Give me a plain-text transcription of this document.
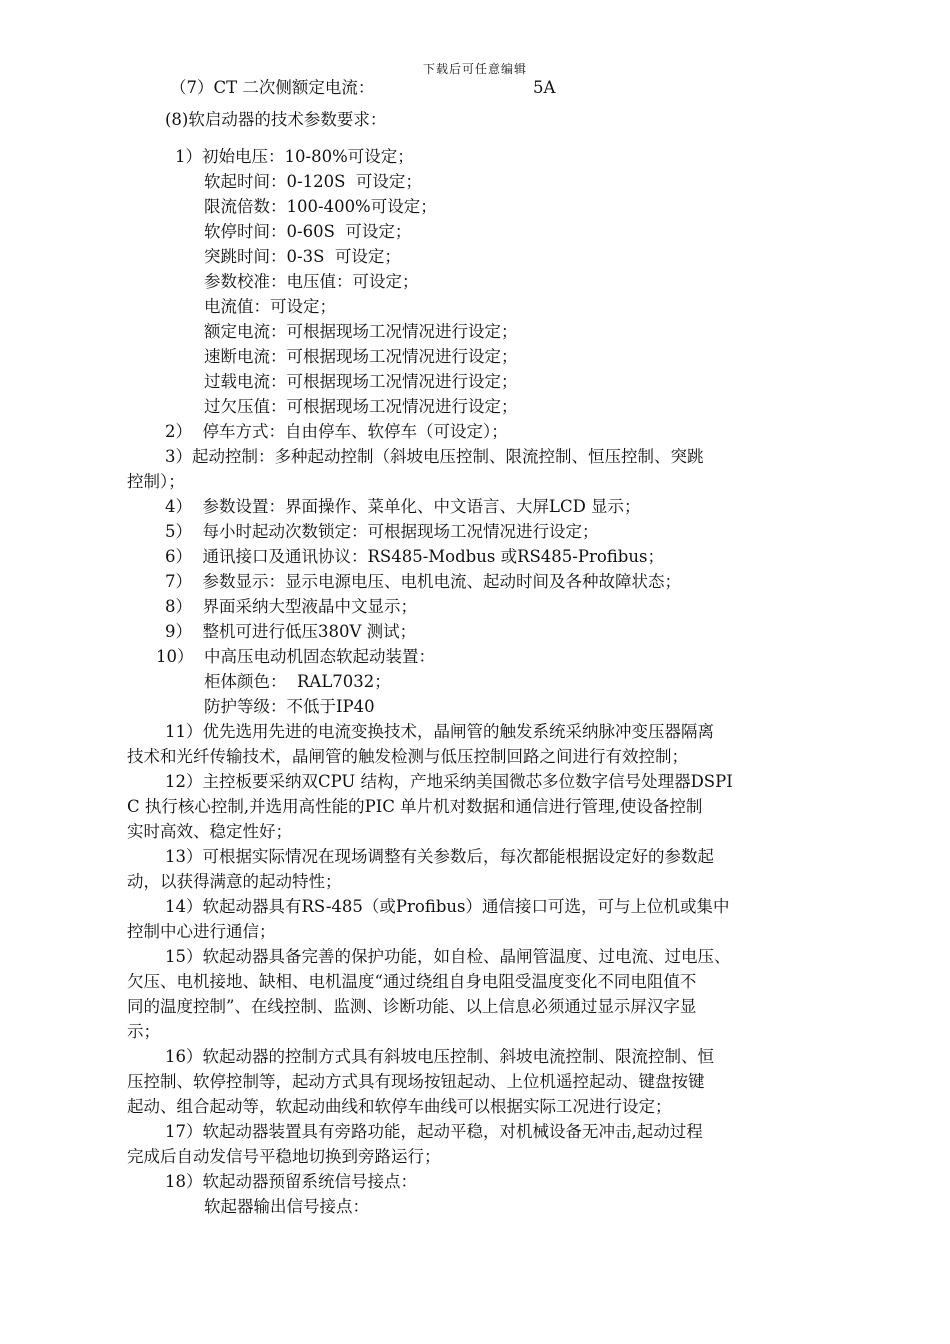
下载后可任意编辑
（7）CT 二次侧额定电流：	5A
(8)软启动器的技术参数要求：
1）初始电压：10-80%可设定；
软起时间：0-120S  可设定；
限流倍数：100-400%可设定；
软停时间：0-60S  可设定；
突跳时间：0-3S  可设定；
参数校准：电压值：可设定；
电流值：可设定；
额定电流：可根据现场工况情况进行设定；
速断电流：可根据现场工况情况进行设定；
过载电流：可根据现场工况情况进行设定；
过欠压值：可根据现场工况情况进行设定；
2）  停车方式：自由停车、软停车（可设定）；
3）起动控制：多种起动控制（斜坡电压控制、限流控制、恒压控制、突跳
控制）；
4）  参数设置：界面操作、菜单化、中文语言、大屏LCD 显示；
5）  每小时起动次数锁定：可根据现场工况情况进行设定；
6）  通讯接口及通讯协议：RS485-Modbus 或RS485-Profibus；
7）  参数显示：显示电源电压、电机电流、起动时间及各种故障状态；
8）  界面采纳大型液晶中文显示；
9）  整机可进行低压380V 测试；
10）  中高压电动机固态软起动装置：
柜体颜色：  RAL7032；
防护等级：不低于IP40
11）优先选用先进的电流变换技术，晶闸管的触发系统采纳脉冲变压器隔离
技术和光纤传输技术，晶闸管的触发检测与低压控制回路之间进行有效控制；
12）主控板要采纳双CPU 结构，产地采纳美国微芯多位数字信号处理器DSPI
C 执行核心控制,并选用高性能的PIC 单片机对数据和通信进行管理,使设备控制
实时高效、稳定性好；
13）可根据实际情况在现场调整有关参数后，每次都能根据设定好的参数起
动，以获得满意的起动特性；
14）软起动器具有RS-485（或Profibus）通信接口可选，可与上位机或集中
控制中心进行通信；
15）软起动器具备完善的保护功能，如自检、晶闸管温度、过电流、过电压、
欠压、电机接地、缺相、电机温度“通过绕组自身电阻受温度变化不同电阻值不
同的温度控制”、在线控制、监测、诊断功能、以上信息必须通过显示屏汉字显
示；
16）软起动器的控制方式具有斜坡电压控制、斜坡电流控制、限流控制、恒
压控制、软停控制等，起动方式具有现场按钮起动、上位机遥控起动、键盘按键
起动、组合起动等，软起动曲线和软停车曲线可以根据实际工况进行设定；
17）软起动器装置具有旁路功能，起动平稳，对机械设备无冲击,起动过程
完成后自动发信号平稳地切换到旁路运行；
18）软起动器预留系统信号接点：
软起器输出信号接点：
